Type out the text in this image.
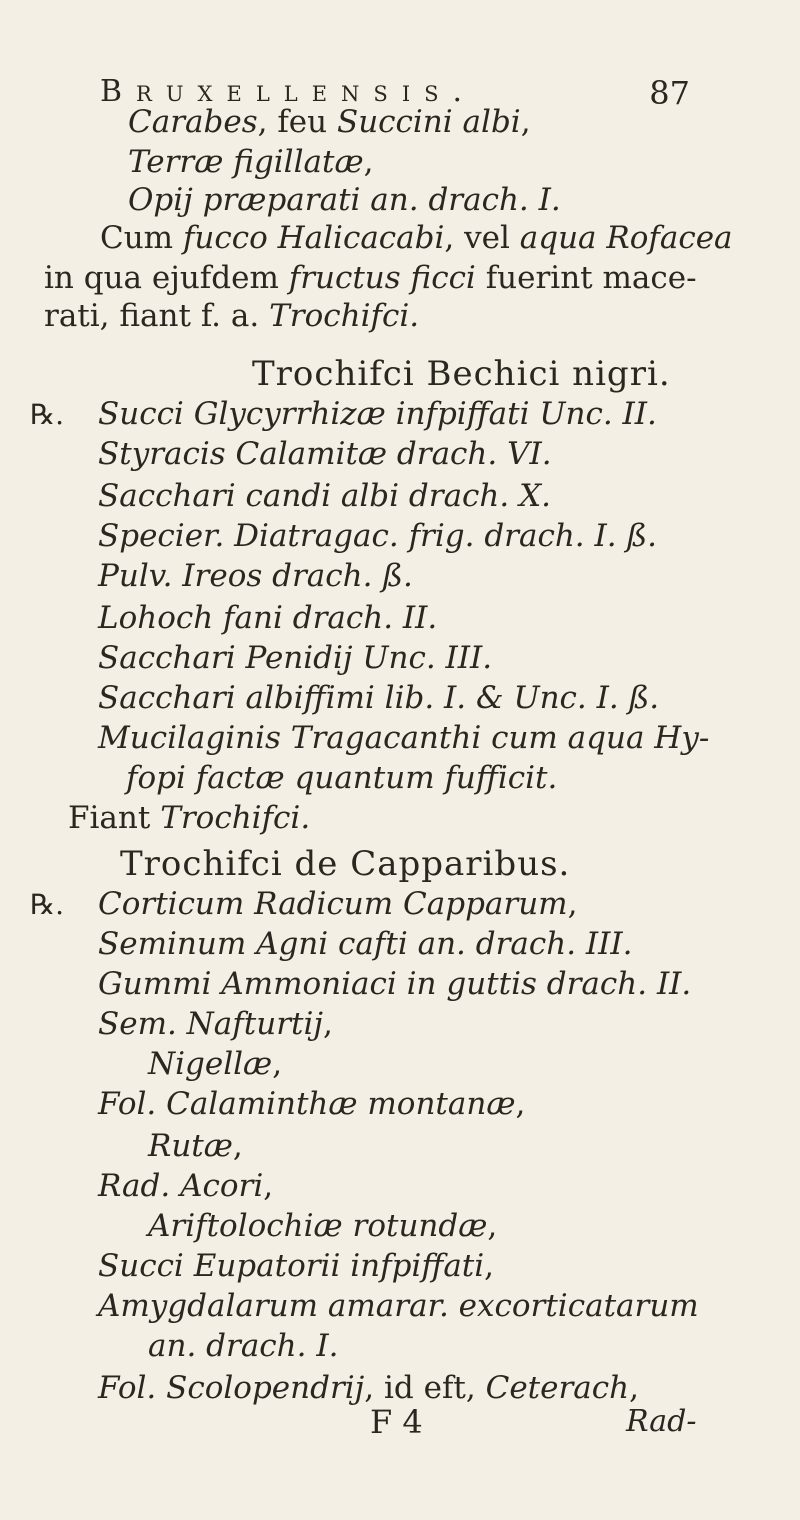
Bruxellensis.	87
Carabes, feu Succini albi,
Terræ figillatæ,
Opij præparati an. drach. I.
Cum fucco Halicacabi, vel aqua Rofacea
in qua ejufdem fructus ficci fuerint mace-
rati, fiant f. a. Trochifci.
Trochifci Bechici nigri.
℞. Succi Glycyrrhizæ infpiffati Unc. II.
Styracis Calamitæ drach. VI.
Sacchari candi albi drach. X.
Specier. Diatragac. frig. drach. I. ß.
Pulv. Ireos drach. ß.
Lohoch fani drach. II.
Sacchari Penidij Unc. III.
Sacchari albiffimi lib. I. & Unc. I. ß.
Mucilaginis Tragacanthi cum aqua Hy-
fopi factæ quantum fufficit.
Fiant Trochifci.
Trochifci de Capparibus.
℞. Corticum Radicum Capparum,
Seminum Agni cafti an. drach. III.
Gummi Ammoniaci in guttis drach. II.
Sem. Nafturtij,
Nigellæ,
Fol. Calaminthæ montanæ,
Rutæ,
Rad. Acori,
Ariftolochiæ rotundæ,
Succi Eupatorii infpiffati,
Amygdalarum amarar. excorticatarum
an. drach. I.
Fol. Scolopendrij, id eft, Ceterach,
F 4	Rad-
